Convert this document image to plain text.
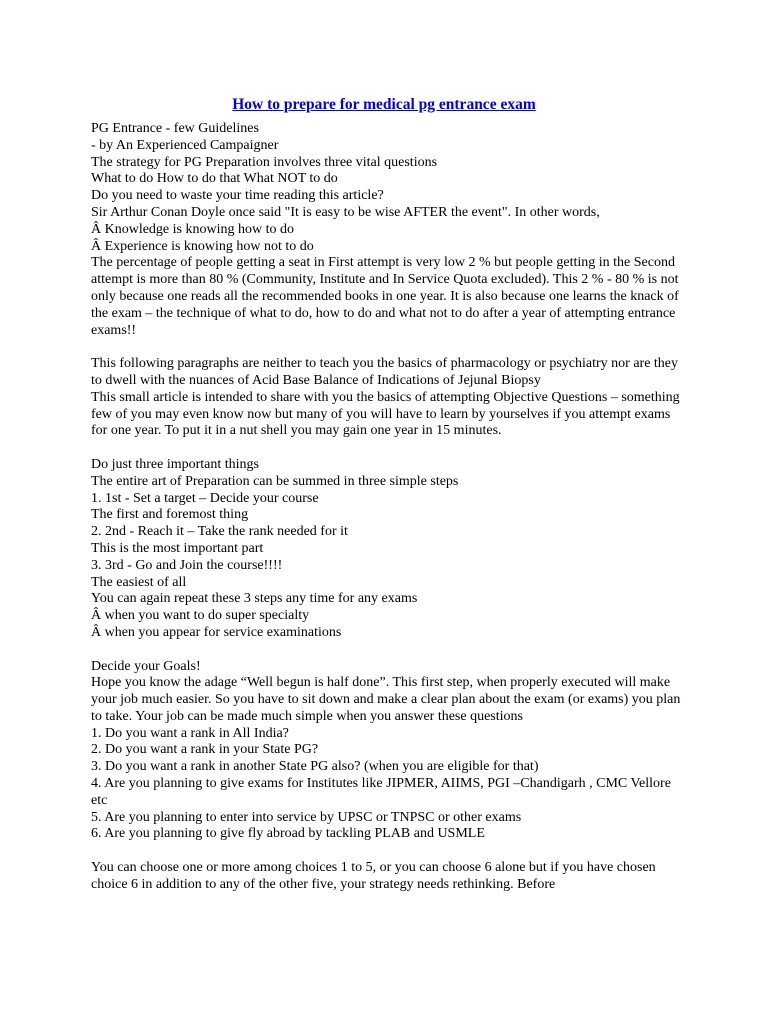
How to prepare for medical pg entrance exam

PG Entrance - few Guidelines

- by An Experienced Campaigner

The strategy for PG Preparation involves three vital questions

What to do How to do that What NOT to do

Do you need to waste your time reading this article?

Sir Arthur Conan Doyle once said "It is easy to be wise AFTER the event". In other words,

Â Knowledge is knowing how to do

Â Experience is knowing how not to do

The percentage of people getting a seat in First attempt is very low 2 % but people getting in the Second attempt is more than 80 % (Community, Institute and In Service Quota excluded). This 2 % - 80 % is not only because one reads all the recommended books in one year. It is also because one learns the knack of the exam – the technique of what to do, how to do and what not to do after a year of attempting entrance exams!!

This following paragraphs are neither to teach you the basics of pharmacology or psychiatry nor are they to dwell with the nuances of Acid Base Balance of Indications of Jejunal Biopsy

This small article is intended to share with you the basics of attempting Objective Questions – something few of you may even know now but many of you will have to learn by yourselves if you attempt exams for one year. To put it in a nut shell you may gain one year in 15 minutes.

Do just three important things

The entire art of Preparation can be summed in three simple steps

1. 1st - Set a target – Decide your course

The first and foremost thing

2. 2nd - Reach it – Take the rank needed for it

This is the most important part

3. 3rd - Go and Join the course!!!!

The easiest of all

You can again repeat these 3 steps any time for any exams

Â when you want to do super specialty

Â when you appear for service examinations

Decide your Goals!

Hope you know the adage “Well begun is half done”. This first step, when properly executed will make your job much easier. So you have to sit down and make a clear plan about the exam (or exams) you plan to take. Your job can be made much simple when you answer these questions

1. Do you want a rank in All India?

2. Do you want a rank in your State PG?

3. Do you want a rank in another State PG also? (when you are eligible for that)

4. Are you planning to give exams for Institutes like JIPMER, AIIMS, PGI –Chandigarh , CMC Vellore etc

5. Are you planning to enter into service by UPSC or TNPSC or other exams

6. Are you planning to give fly abroad by tackling PLAB and USMLE

You can choose one or more among choices 1 to 5, or you can choose 6 alone but if you have chosen choice 6 in addition to any of the other five, your strategy needs rethinking. Before
